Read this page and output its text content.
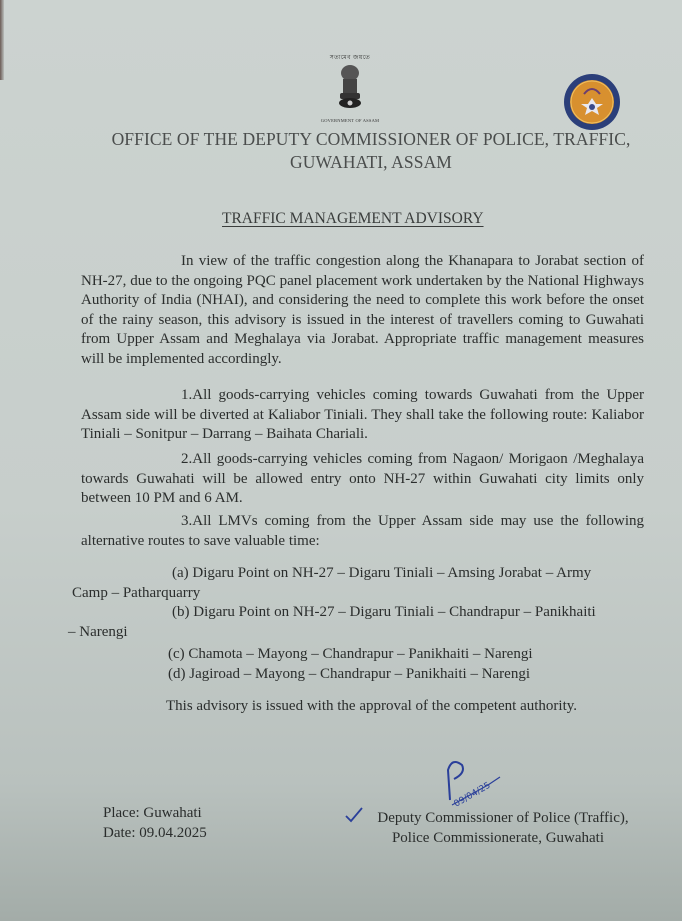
সত্যমেব জয়তে
GOVERNMENT OF ASSAM
OFFICE OF THE DEPUTY COMMISSIONER OF POLICE, TRAFFIC,
GUWAHATI, ASSAM
TRAFFIC MANAGEMENT ADVISORY
In view of the traffic congestion along the Khanapara to Jorabat section of NH-27, due to the ongoing PQC panel placement work undertaken by the National Highways Authority of India (NHAI), and considering the need to complete this work before the onset of the rainy season, this advisory is issued in the interest of travellers coming to Guwahati from Upper Assam and Meghalaya via Jorabat. Appropriate traffic management measures will be implemented accordingly.
1.All goods-carrying vehicles coming towards Guwahati from the Upper Assam side will be diverted at Kaliabor Tiniali. They shall take the following route: Kaliabor Tiniali – Sonitpur – Darrang – Baihata Chariali.
2.All goods-carrying vehicles coming from Nagaon/ Morigaon /Meghalaya towards Guwahati will be allowed entry onto NH-27 within Guwahati city limits only between 10 PM and 6 AM.
3.All LMVs coming from the Upper Assam side may use the following alternative routes to save valuable time:
(a) Digaru Point on NH-27 – Digaru Tiniali – Amsing Jorabat – Army
Camp – Patharquarry
(b) Digaru Point on NH-27 – Digaru Tiniali – Chandrapur – Panikhaiti
– Narengi
(c) Chamota – Mayong – Chandrapur – Panikhaiti – Narengi
(d) Jagiroad – Mayong – Chandrapur – Panikhaiti – Narengi
This advisory is issued with the approval of the competent authority.
09/04/25
Place: Guwahati
Date: 09.04.2025
Deputy Commissioner of Police (Traffic),
Police Commissionerate, Guwahati
